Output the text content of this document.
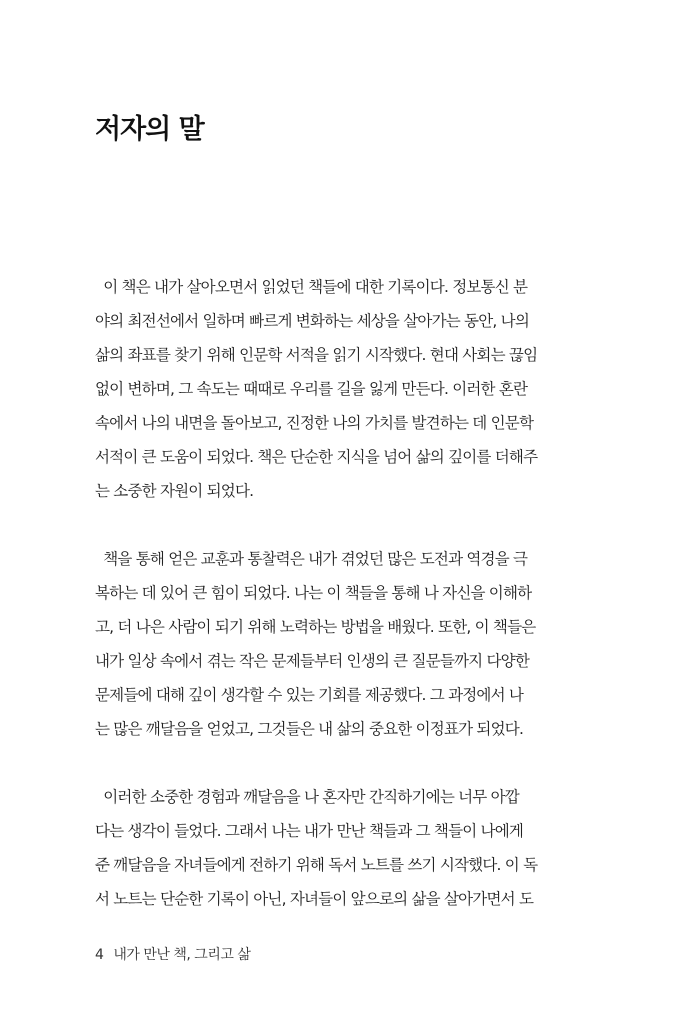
저자의 말

이 책은 내가 살아오면서 읽었던 책들에 대한 기록이다. 정보통신 분
야의 최전선에서 일하며 빠르게 변화하는 세상을 살아가는 동안, 나의
삶의 좌표를 찾기 위해 인문학 서적을 읽기 시작했다. 현대 사회는 끊임
없이 변하며, 그 속도는 때때로 우리를 길을 잃게 만든다. 이러한 혼란
속에서 나의 내면을 돌아보고, 진정한 나의 가치를 발견하는 데 인문학
서적이 큰 도움이 되었다. 책은 단순한 지식을 넘어 삶의 깊이를 더해주
는 소중한 자원이 되었다.

책을 통해 얻은 교훈과 통찰력은 내가 겪었던 많은 도전과 역경을 극
복하는 데 있어 큰 힘이 되었다. 나는 이 책들을 통해 나 자신을 이해하
고, 더 나은 사람이 되기 위해 노력하는 방법을 배웠다. 또한, 이 책들은
내가 일상 속에서 겪는 작은 문제들부터 인생의 큰 질문들까지 다양한
문제들에 대해 깊이 생각할 수 있는 기회를 제공했다. 그 과정에서 나
는 많은 깨달음을 얻었고, 그것들은 내 삶의 중요한 이정표가 되었다.

이러한 소중한 경험과 깨달음을 나 혼자만 간직하기에는 너무 아깝
다는 생각이 들었다. 그래서 나는 내가 만난 책들과 그 책들이 나에게
준 깨달음을 자녀들에게 전하기 위해 독서 노트를 쓰기 시작했다. 이 독
서 노트는 단순한 기록이 아닌, 자녀들이 앞으로의 삶을 살아가면서 도

4 내가 만난 책, 그리고 삶
